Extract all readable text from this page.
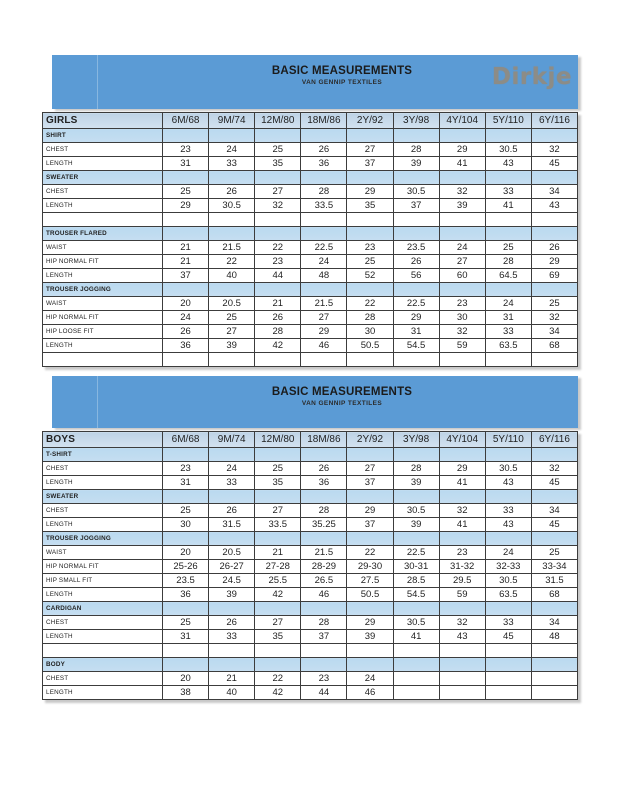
BASIC MEASUREMENTS
VAN GENNIP TEXTILES	Dirkje
GIRLS	6M/68	9M/74	12M/80	18M/86	2Y/92	3Y/98	4Y/104	5Y/110	6Y/116
SHIRT									
CHEST	23	24	25	26	27	28	29	30.5	32
LENGTH	31	33	35	36	37	39	41	43	45
SWEATER									
CHEST	25	26	27	28	29	30.5	32	33	34
LENGTH	29	30.5	32	33.5	35	37	39	41	43

TROUSER FLARED									
WAIST	21	21.5	22	22.5	23	23.5	24	25	26
HIP NORMAL FIT	21	22	23	24	25	26	27	28	29
LENGTH	37	40	44	48	52	56	60	64.5	69
TROUSER JOGGING									
WAIST	20	20.5	21	21.5	22	22.5	23	24	25
HIP NORMAL FIT	24	25	26	27	28	29	30	31	32
HIP LOOSE FIT	26	27	28	29	30	31	32	33	34
LENGTH	36	39	42	46	50.5	54.5	59	63.5	68

BASIC MEASUREMENTS
VAN GENNIP TEXTILES
BOYS	6M/68	9M/74	12M/80	18M/86	2Y/92	3Y/98	4Y/104	5Y/110	6Y/116
T-SHIRT									
CHEST	23	24	25	26	27	28	29	30.5	32
LENGTH	31	33	35	36	37	39	41	43	45
SWEATER									
CHEST	25	26	27	28	29	30.5	32	33	34
LENGTH	30	31.5	33.5	35.25	37	39	41	43	45
TROUSER JOGGING									
WAIST	20	20.5	21	21.5	22	22.5	23	24	25
HIP NORMAL FIT	25-26	26-27	27-28	28-29	29-30	30-31	31-32	32-33	33-34
HIP SMALL FIT	23.5	24.5	25.5	26.5	27.5	28.5	29.5	30.5	31.5
LENGTH	36	39	42	46	50.5	54.5	59	63.5	68
CARDIGAN									
CHEST	25	26	27	28	29	30.5	32	33	34
LENGTH	31	33	35	37	39	41	43	45	48

BODY									
CHEST	20	21	22	23	24				
LENGTH	38	40	42	44	46				
